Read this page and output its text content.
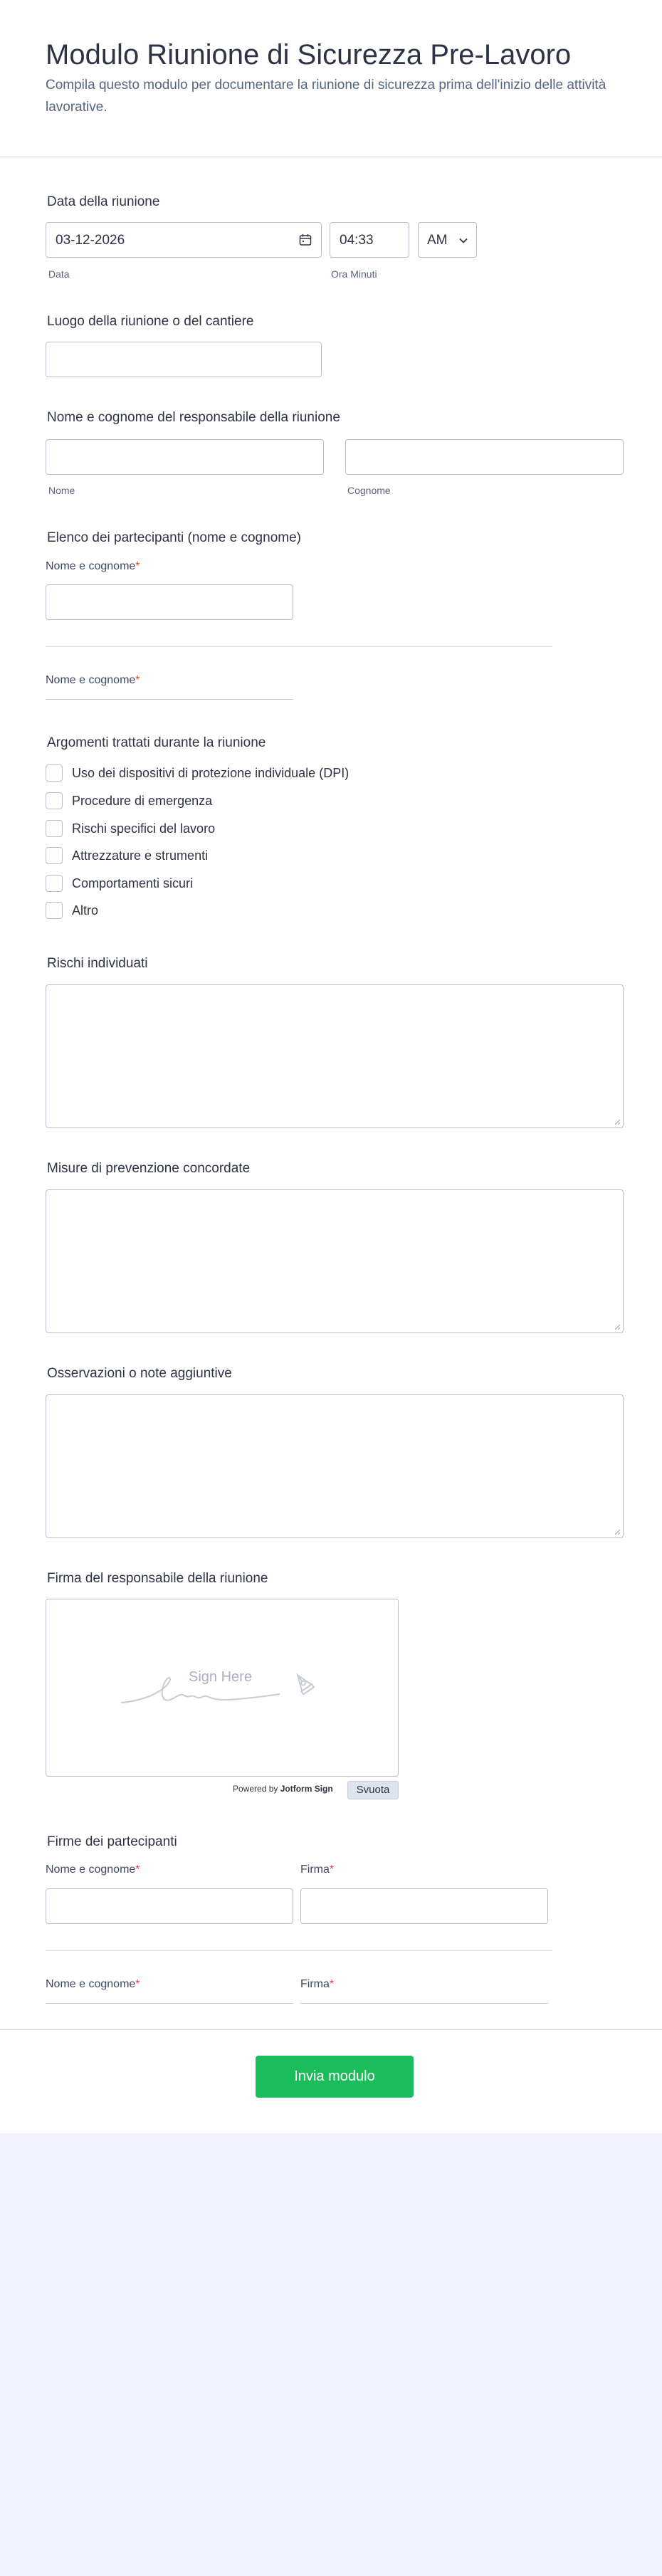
Modulo Riunione di Sicurezza Pre-Lavoro
Compila questo modulo per documentare la riunione di sicurezza prima dell'inizio delle attività lavorative.
Data della riunione
03-12-2026	04:33	AM
Data	Ora Minuti
Luogo della riunione o del cantiere
Nome e cognome del responsabile della riunione
Nome	Cognome
Elenco dei partecipanti (nome e cognome)
Nome e cognome*
Nome e cognome*
Argomenti trattati durante la riunione
Uso dei dispositivi di protezione individuale (DPI)
Procedure di emergenza
Rischi specifici del lavoro
Attrezzature e strumenti
Comportamenti sicuri
Altro
Rischi individuati
Misure di prevenzione concordate
Osservazioni o note aggiuntive
Firma del responsabile della riunione
Sign Here
Powered by Jotform Sign	Svuota
Firme dei partecipanti
Nome e cognome*	Firma*
Nome e cognome*	Firma*
Invia modulo
